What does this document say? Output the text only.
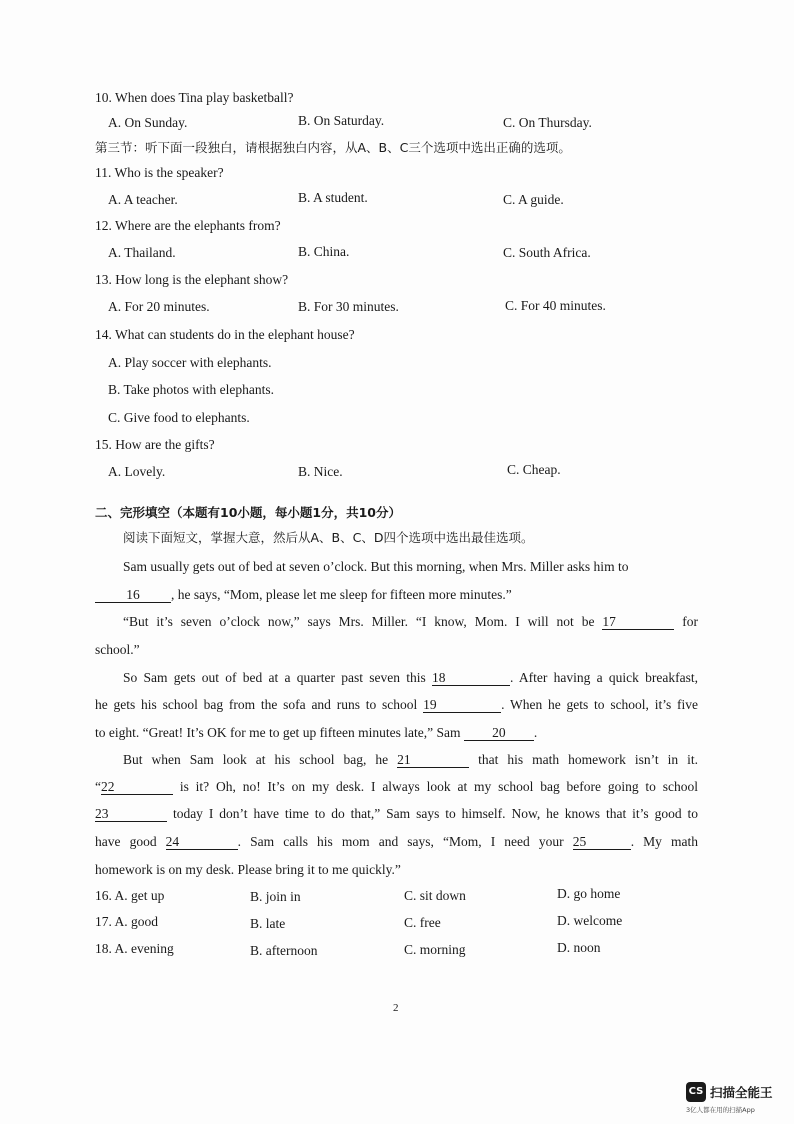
10. When does Tina play basketball?
A. On Sunday.	B. On Saturday.	C. On Thursday.
第三节：听下面一段独白，请根据独白内容，从A、B、C三个选项中选出正确的选项。
11. Who is the speaker?
A. A teacher.	B. A student.	C. A guide.
12. Where are the elephants from?
A. Thailand.	B. China.	C. South Africa.
13. How long is the elephant show?
A. For 20 minutes.	B. For 30 minutes.	C. For 40 minutes.
14. What can students do in the elephant house?
A. Play soccer with elephants.
B. Take photos with elephants.
C. Give food to elephants.
15. How are the gifts?
A. Lovely.	B. Nice.	C. Cheap.
二、完形填空（本题有10小题，每小题1分，共10分）
阅读下面短文，掌握大意，然后从A、B、C、D四个选项中选出最佳选项。
Sam usually gets out of bed at seven o’clock. But this morning, when Mrs. Miller asks him to
16 , he says, “Mom, please let me sleep for fifteen more minutes.”
“But it’s seven o’clock now,” says Mrs. Miller. “I know, Mom. I will not be 17	for
school.”
So Sam gets out of bed at a quarter past seven this 18	. After having a quick breakfast,
he gets his school bag from the sofa and runs to school 19	. When he gets to school, it’s five
to eight. “Great! It’s OK for me to get up fifteen minutes late,” Sam 20 .
But when Sam look at his school bag, he 21	that his math homework isn’t in it.
“22	is it? Oh, no! It’s on my desk. I always look at my school bag before going to school
23	today I don’t have time to do that,” Sam says to himself. Now, he knows that it’s good to
have good 24	. Sam calls his mom and says, “Mom, I need your 25	. My math
homework is on my desk. Please bring it to me quickly.”
16. A. get up	B. join in	C. sit down	D. go home
17. A. good	B. late	C. free	D. welcome
18. A. evening	B. afternoon	C. morning	D. noon
2
CS 扫描全能王
3亿人都在用的扫描App
